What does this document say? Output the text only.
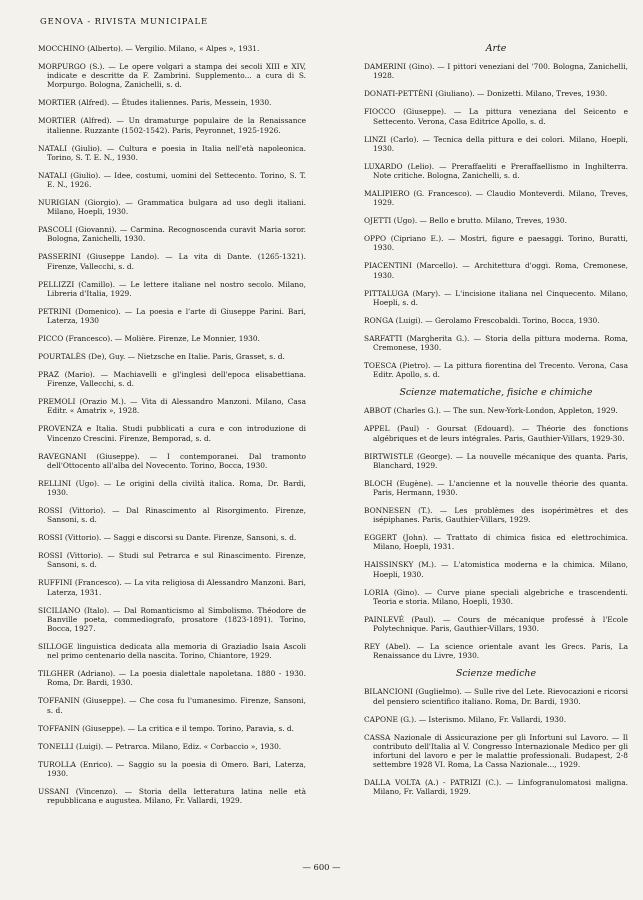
GENOVA - RIVISTA MUNICIPALE

MOCCHINO (Alberto). — Vergilio. Milano, « Alpes », 1931.

MORPURGO (S.). — Le opere volgari a stampa dei secoli XIII e XIV, indicate e descritte da F. Zambrini. Supplemento... a cura di S. Morpurgo. Bologna, Zanichelli, s. d.

MORTIER (Alfred). — Études italiennes. Paris, Messein, 1930.

MORTIER (Alfred). — Un dramaturge populaire de la Renaissance italienne. Ruzzante (1502-1542). Paris, Peyronnet, 1925-1926.

NATALI (Giulio). — Cultura e poesia in Italia nell'età napoleonica. Torino, S. T. E. N., 1930.

NATALI (Giulio). — Idee, costumi, uomini del Settecento. Torino, S. T. E. N., 1926.

NURIGIAN (Giorgio). — Grammatica bulgara ad uso degli italiani. Milano, Hoepli, 1930.

PASCOLI (Giovanni). — Carmina. Recognoscenda curavit Maria soror. Bologna, Zanichelli, 1930.

PASSERINI (Giuseppe Lando). — La vita di Dante. (1265-1321). Firenze, Vallecchi, s. d.

PELLIZZI (Camillo). — Le lettere italiane nel nostro secolo. Milano, Libreria d'Italia, 1929.

PETRINI (Domenico). — La poesia e l'arte di Giuseppe Parini. Bari, Laterza, 1930

PICCO (Francesco). — Molière. Firenze, Le Monnier, 1930.

POURTALÈS (De), Guy. — Nietzsche en Italie. Paris, Grasset, s. d.

PRAZ (Mario). — Machiavelli e gl'inglesi dell'epoca elisabettiana. Firenze, Vallecchi, s. d.

PREMOLI (Orazio M.). — Vita di Alessandro Manzoni. Milano, Casa Editr. « Amatrix », 1928.

PROVENZA e Italia. Studi pubblicati a cura e con introduzione di Vincenzo Crescini. Firenze, Bemporad, s. d.

RAVEGNANI (Giuseppe). — I contemporanei. Dal tramonto dell'Ottocento all'alba del Novecento. Torino, Bocca, 1930.

RELLINI (Ugo). — Le origini della civiltà italica. Roma, Dr. Bardi, 1930.

ROSSI (Vittorio). — Dal Rinascimento al Risorgimento. Firenze, Sansoni, s. d.

ROSSI (Vittorio). — Saggi e discorsi su Dante. Firenze, Sansoni, s. d.

ROSSI (Vittorio). — Studi sul Petrarca e sul Rinascimento. Firenze, Sansoni, s. d.

RUFFINI (Francesco). — La vita religiosa di Alessandro Manzoni. Bari, Laterza, 1931.

SICILIANO (Italo). — Dal Romanticismo al Simbolismo. Théodore de Banville poeta, commediografo, prosatore (1823-1891). Torino, Bocca, 1927.

SILLOGE linguistica dedicata alla memoria di Graziadio Isaia Ascoli nel primo centenario della nascita. Torino, Chiantore, 1929.

TILGHER (Adriano). — La poesia dialettale napoletana. 1880 - 1930. Roma, Dr. Bardi, 1930.

TOFFANIN (Giuseppe). — Che cosa fu l'umanesimo. Firenze, Sansoni, s. d.

TOFFANIN (Giuseppe). — La critica e il tempo. Torino, Paravia, s. d.

TONELLI (Luigi). — Petrarca. Milano, Ediz. « Corbaccio », 1930.

TUROLLA (Enrico). — Saggio su la poesia di Omero. Bari, Laterza, 1930.

USSANI (Vincenzo). — Storia della letteratura latina nelle età repubblicana e augustea. Milano, Fr. Vallardi, 1929.

Arte

DAMERINI (Gino). — I pittori veneziani del '700. Bologna, Zanichelli, 1928.

DONATI-PETTÈNI (Giuliano). — Donizetti. Milano, Treves, 1930.

FIOCCO (Giuseppe). — La pittura veneziana del Seicento e Settecento. Verona, Casa Editrice Apollo, s. d.

LINZI (Carlo). — Tecnica della pittura e dei colori. Milano, Hoepli, 1930.

LUXARDO (Lelio). — Preraffaeliti e Preraffaellismo in Inghilterra. Note critiche. Bologna, Zanichelli, s. d.

MALIPIERO (G. Francesco). — Claudio Monteverdi. Milano, Treves, 1929.

OJETTI (Ugo). — Bello e brutto. Milano, Treves, 1930.

OPPO (Cipriano E.). — Mostri, figure e paesaggi. Torino, Buratti, 1930.

PIACENTINI (Marcello). — Architettura d'oggi. Roma, Cremonese, 1930.

PITTALUGA (Mary). — L'incisione italiana nel Cinquecento. Milano, Hoepli, s. d.

RONGA (Luigi). — Gerolamo Frescobaldi. Torino, Bocca, 1930.

SARFATTI (Margherita G.). — Storia della pittura moderna. Roma, Cremonese, 1930.

TOESCA (Pietro). — La pittura fiorentina del Trecento. Verona, Casa Editr. Apollo, s. d.

Scienze matematiche, fisiche e chimiche

ABBOT (Charles G.). — The sun. New-York-London, Appleton, 1929.

APPEL (Paul) - Goursat (Edouard). — Théorie des fonctions algébriques et de leurs intégrales. Paris, Gauthier-Villars, 1929-30.

BIRTWISTLE (George). — La nouvelle mécanique des quanta. Paris, Blanchard, 1929.

BLOCH (Eugène). — L'ancienne et la nouvelle théorie des quanta. Paris, Hermann, 1930.

BONNESEN (T.). — Les problèmes des isopérimètres et des isépiphanes. Paris, Gauthier-Villars, 1929.

EGGERT (John). — Trattato di chimica fisica ed elettrochimica. Milano, Hoepli, 1931.

HAISSINSKY (M.). — L'atomistica moderna e la chimica. Milano, Hoepli, 1930.

LORIA (Gino). — Curve piane speciali algebriche e trascendenti. Teoria e storia. Milano, Hoepli, 1930.

PAINLEVÉ (Paul). — Cours de mécanique professé à l'Ecole Polytechnique. Paris, Gauthier-Villars, 1930.

REY (Abel). — La science orientale avant les Grecs. Paris, La Renaissance du Livre, 1930.

Scienze mediche

BILANCIONI (Guglielmo). — Sulle rive del Lete. Rievocazioni e ricorsi del pensiero scientifico italiano. Roma, Dr. Bardi, 1930.

CAPONE (G.). — Isterismo. Milano, Fr. Vallardi, 1930.

CASSA Nazionale di Assicurazione per gli Infortuni sul Lavoro. — Il contributo dell'Italia al V. Congresso Internazionale Medico per gli infortuni del lavoro e per le malattie professionali. Budapest, 2-8 settembre 1928 VI. Roma, La Cassa Nazionale..., 1929.

DALLA VOLTA (A.) - PATRIZI (C.). — Linfogranulomatosi maligna. Milano, Fr. Vallardi, 1929.

— 600 —
